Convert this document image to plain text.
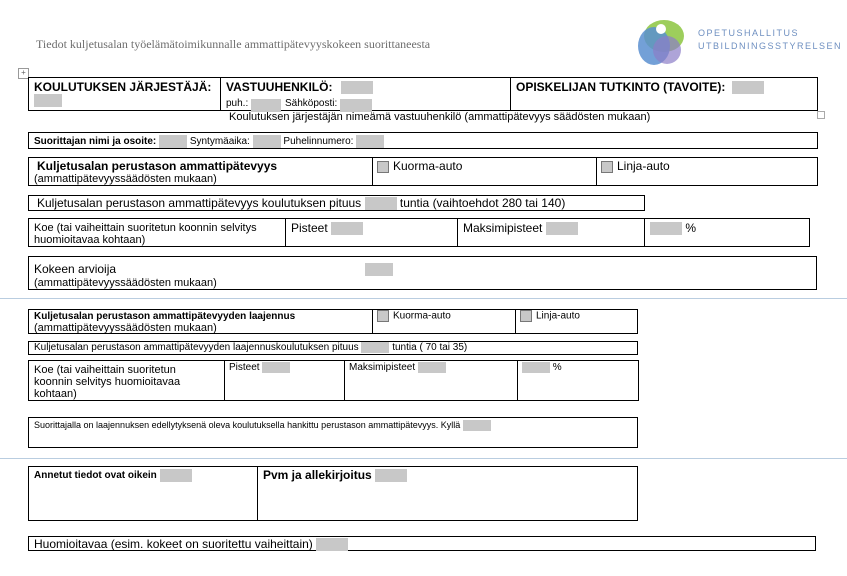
Tiedot kuljetusalan työelämätoimikunnalle ammattipätevyyskokeen suorittaneesta
OPETUSHALLITUS
UTBILDNINGSSTYRELSEN
+
KOULUTUKSEN JÄRJESTÄJÄ: VASTUUHENKILÖ:
puh.:	Sähköposti:
OPISKELIJAN TUTKINTO (TAVOITE):
Koulutuksen järjestäjän nimeämä vastuuhenkilö (ammattipätevyys säädösten mukaan)
Suorittajan nimi ja osoite:	Syntymäaika:	Puhelinnumero:
Kuljetusalan perustason ammattipätevyys
(ammattipätevyyssäädösten mukaan)
Kuorma-auto	Linja-auto
Kuljetusalan perustason ammattipätevyys koulutuksen pituus	tuntia (vaihtoehdot 280 tai 140)
Koe (tai vaiheittain suoritetun koonnin selvitys
huomioitavaa kohtaan)
Pisteet	Maksimipisteet	%
Kokeen arvioija
(ammattipätevyyssäädösten mukaan)
Kuljetusalan perustason ammattipätevyyden laajennus
(ammattipätevyyssäädösten mukaan)
Kuorma-auto	Linja-auto
Kuljetusalan perustason ammattipätevyyden laajennuskoulutuksen pituus	tuntia ( 70 tai 35)
Koe (tai vaiheittain suoritetun
koonnin selvitys huomioitavaa
kohtaan)
Pisteet	Maksimipisteet	%
Suorittajalla on laajennuksen edellytyksenä oleva koulutuksella hankittu perustason ammattipätevyys. Kyllä
Annetut tiedot ovat oikein	Pvm ja allekirjoitus
Huomioitavaa (esim. kokeet on suoritettu vaiheittain)
